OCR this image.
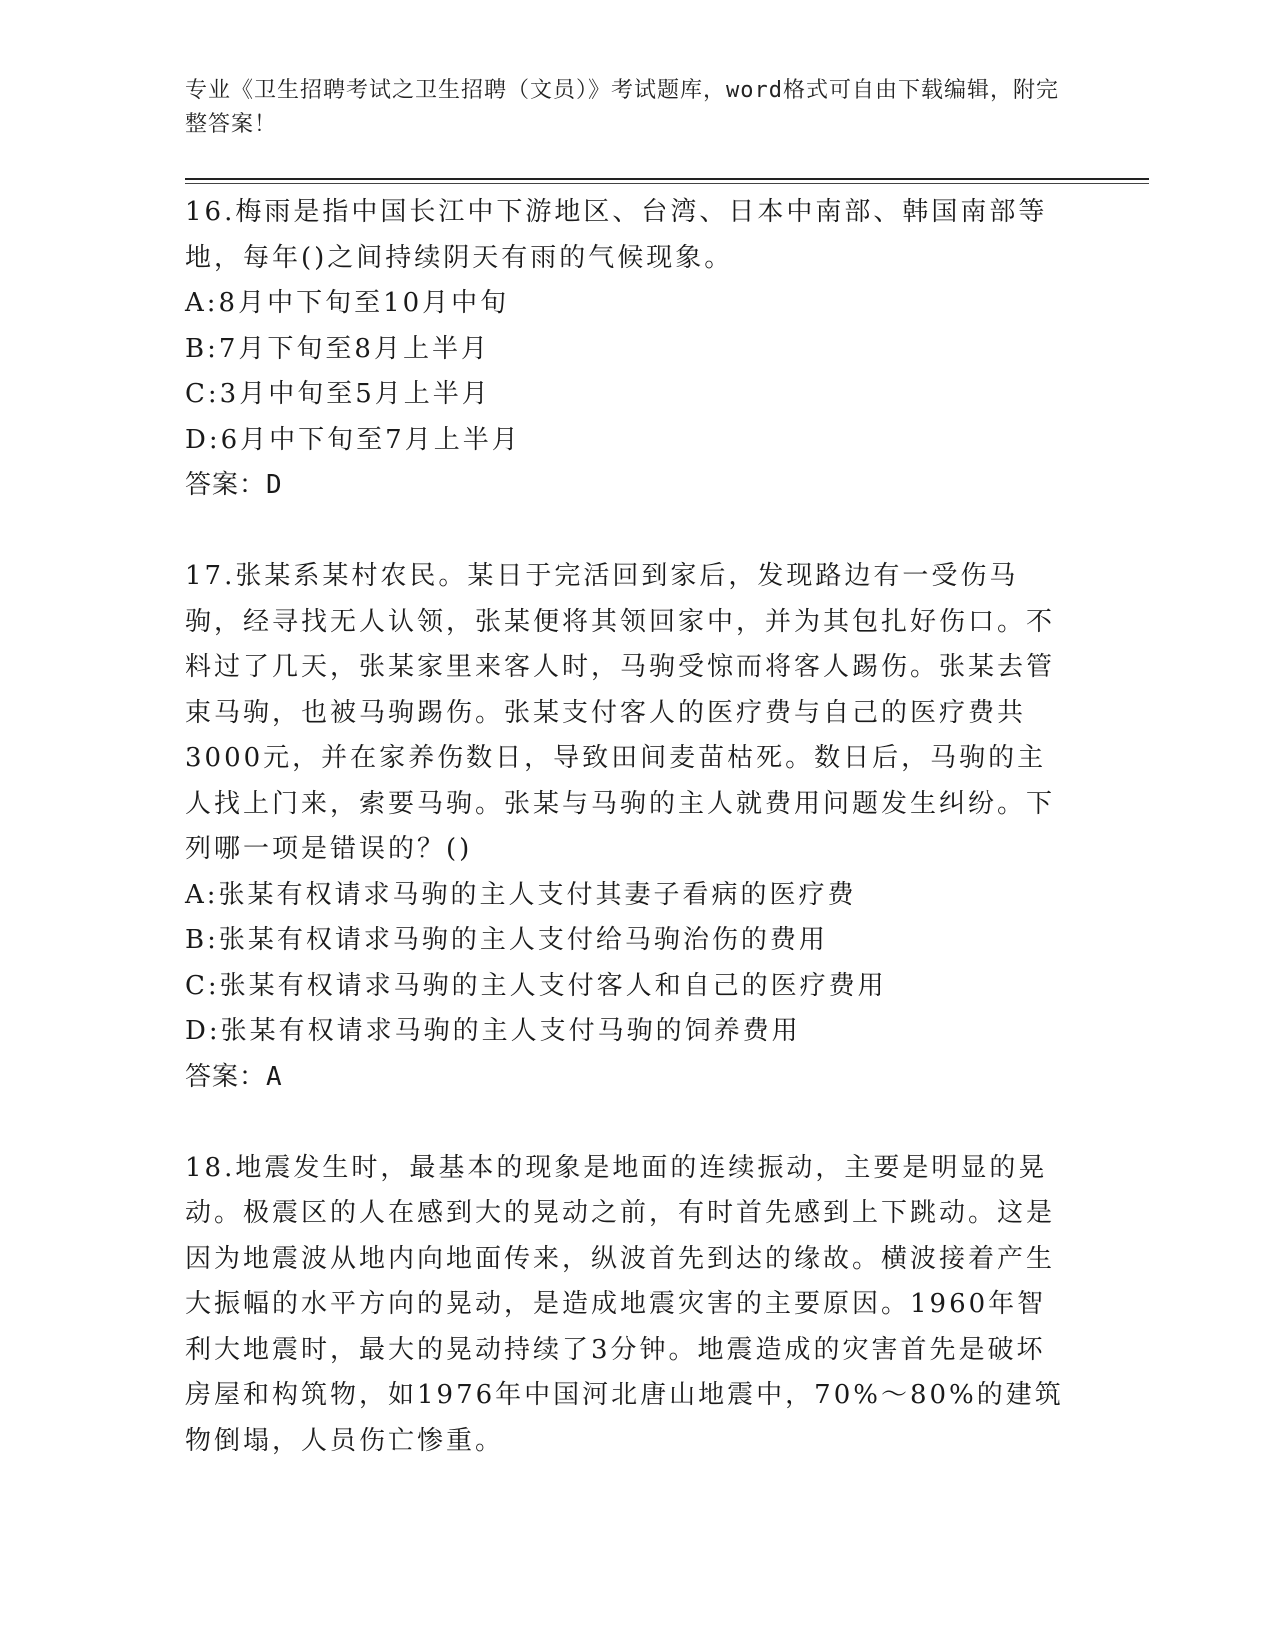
专业《卫生招聘考试之卫生招聘（文员）》考试题库，word格式可自由下载编辑，附完整答案！

16.梅雨是指中国长江中下游地区、台湾、日本中南部、韩国南部等地，每年()之间持续阴天有雨的气候现象。

A:8月中下旬至10月中旬

B:7月下旬至8月上半月

C:3月中旬至5月上半月

D:6月中下旬至7月上半月

答案：D

17.张某系某村农民。某日于完活回到家后，发现路边有一受伤马驹，经寻找无人认领，张某便将其领回家中，并为其包扎好伤口。不料过了几天，张某家里来客人时，马驹受惊而将客人踢伤。张某去管束马驹，也被马驹踢伤。张某支付客人的医疗费与自己的医疗费共3000元，并在家养伤数日，导致田间麦苗枯死。数日后，马驹的主人找上门来，索要马驹。张某与马驹的主人就费用问题发生纠纷。下列哪一项是错误的？()

A:张某有权请求马驹的主人支付其妻子看病的医疗费

B:张某有权请求马驹的主人支付给马驹治伤的费用

C:张某有权请求马驹的主人支付客人和自己的医疗费用

D:张某有权请求马驹的主人支付马驹的饲养费用

答案：A

18.地震发生时，最基本的现象是地面的连续振动，主要是明显的晃动。极震区的人在感到大的晃动之前，有时首先感到上下跳动。这是因为地震波从地内向地面传来，纵波首先到达的缘故。横波接着产生大振幅的水平方向的晃动，是造成地震灾害的主要原因。1960年智利大地震时，最大的晃动持续了3分钟。地震造成的灾害首先是破坏房屋和构筑物，如1976年中国河北唐山地震中，70%～80%的建筑物倒塌，人员伤亡惨重。
